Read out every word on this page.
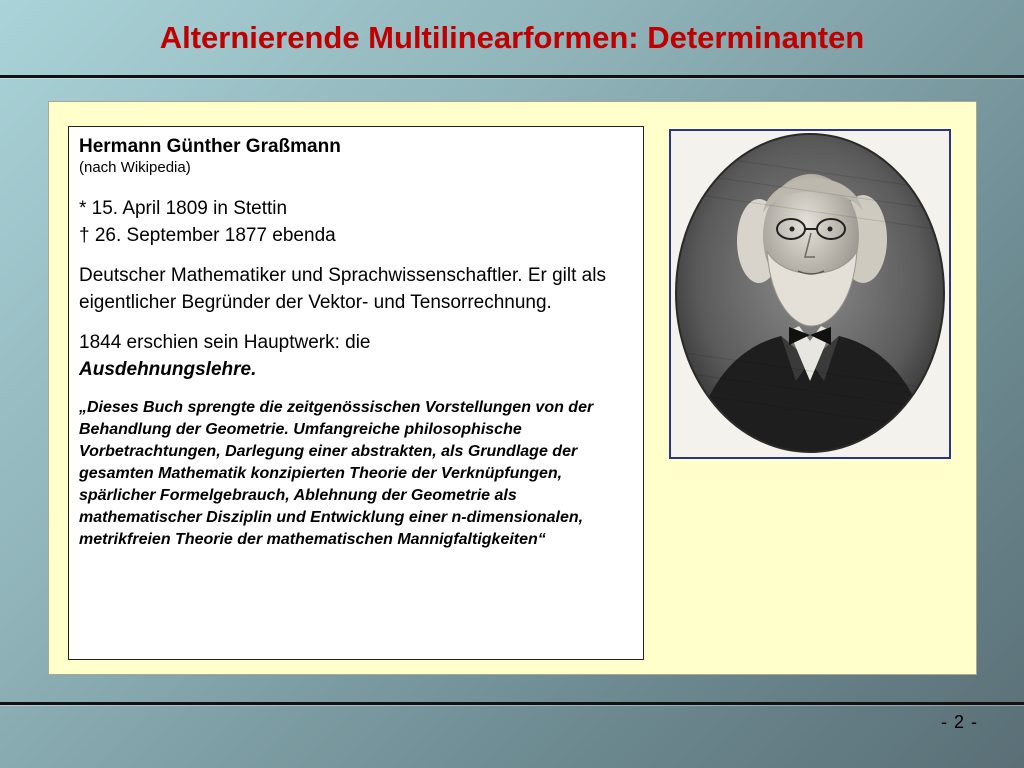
Alternierende Multilinearformen: Determinanten
Hermann Günther Graßmann
(nach Wikipedia)
* 15. April 1809 in Stettin
† 26. September 1877 ebenda
Deutscher Mathematiker und Sprachwissenschaftler. Er gilt als eigentlicher Begründer der Vektor- und Tensorrechnung.
1844 erschien sein Hauptwerk: die
Ausdehnungslehre.
„Dieses Buch sprengte die zeitgenössischen Vorstellungen von der Behandlung der Geometrie. Umfangreiche philosophische Vorbetrachtungen, Darlegung einer abstrakten, als Grundlage der gesamten Mathematik konzipierten Theorie der Verknüpfungen, spärlicher Formelgebrauch, Ablehnung der Geometrie als mathematischer Disziplin und Entwicklung einer n-dimensionalen, metrikfreien Theorie der mathematischen Mannigfaltigkeiten“
- 2 -
